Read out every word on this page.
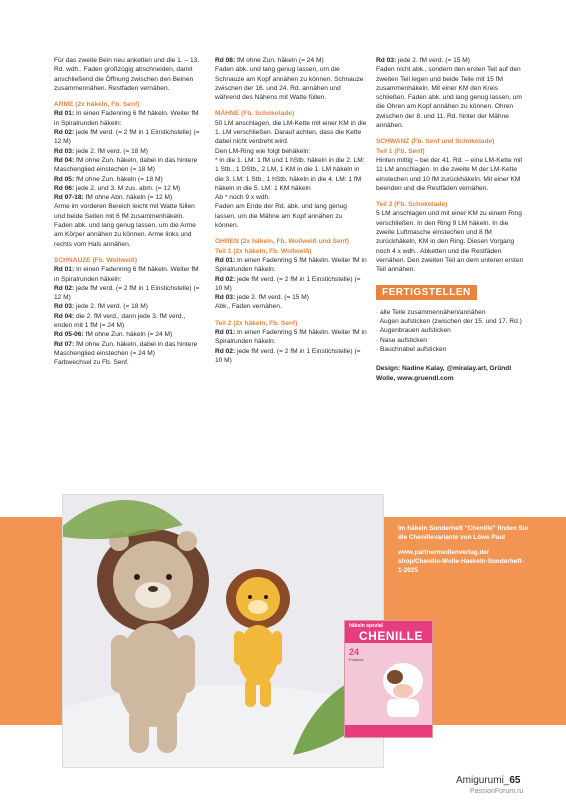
Für das zweite Bein neu anketten und die 1. – 13. Rd. wdh.. Faden großzügig abschneiden, damit anschließend die Öffnung zwischen den Beinen zusammennähen. Restfaden vernähen.

ARME (2x häkeln, Fb. Senf)

Rd 01: In einen Fadenring 6 fM häkeln. Weiter fM in Spiralrunden häkeln:

Rd 02: jede fM verd. (= 2 fM in 1 Einstichstelle) (= 12 M)

Rd 03: jede 2. fM verd. (= 18 M)

Rd 04: fM ohne Zun. häkeln, dabei in das hintere Maschenglied einstechen (= 18 M)

Rd 05: fM ohne Zun. häkeln (= 18 M)

Rd 06: jede 2. und 3. M zus. abm. (= 12 M)

Rd 07-18: fM ohne Abn. häkeln (= 12 M)

Arme im vorderen Bereich leicht mit Watte füllen und beide Seiten mit 6 fM zusammenhäkeln. Faden abk. und lang genug lassen, um die Arme am Körper annähen zu können. Arme links und rechts vom Hals annähen.

SCHNAUZE (Fb. Wollweiß)

Rd 01: In einen Fadenring 6 fM häkeln. Weiter fM in Spiralrunden häkeln:

Rd 02: jede fM verd. (= 2 fM in 1 Einstichstelle) (= 12 M)

Rd 03: jede 2. fM verd. (= 18 M)

Rd 04: die 2. fM verd., dann jede 3. fM verd., enden mit 1 fM (= 24 M)

Rd 05-06: fM ohne Zun. häkeln (= 24 M)

Rd 07: fM ohne Zun. häkeln, dabei in das hintere Maschenglied einstechen (= 24 M)

Farbwechsel zu Fb. Senf.

Rd 08: fM ohne Zun. häkeln (= 24 M)

Faden abk. und lang genug lassen, um die Schnauze am Kopf annähen zu können. Schnauze zwischen der 16. und 24. Rd. annähen und während des Nähens mit Watte füllen.

MÄHNE (Fb. Schokolade)

50 LM anschlagen, die LM-Kette mit einer KM in die 1. LM verschließen. Darauf achten, dass die Kette dabei nicht verdreht wird.

Den LM-Ring wie folgt behäkeln:

* in die 1. LM: 1 fM und 1 hStb. häkeln in die 2. LM: 1 Stb., 1 DStb., 2 LM, 1 KM in die 1. LM häkeln in die 3. LM: 1 Stb., 1 hStb. häkeln in die 4. LM: 1 fM häkeln in die 5. LM: 1 KM häkeln

Ab * noch 9 x wdh.

Faden am Ende der Rd. abk. und lang genug lassen, um die Mähne am Kopf annähen zu können.

OHREN (2x häkeln, Fb. Wollweiß und Senf)

Teil 1 (2x häkeln, Fb. Wollweiß)

Rd 01: In einen Fadenring 5 fM häkeln. Weiter fM in Spiralrunden häkeln:

Rd 02: jede fM verd. (= 2 fM in 1 Einstichstelle) (= 10 M)

Rd 03: jede 2. fM verd. (= 15 M)

Abk., Faden vernähen.

Teil 2 (2x häkeln, Fb. Senf)

Rd 01: In einen Fadenring 5 fM häkeln. Weiter fM in Spiralrunden häkeln:

Rd 02: jede fM verd. (= 2 fM in 1 Einstichstelle) (= 10 M)

Rd 03: jede 2. fM verd. (= 15 M)

Faden nicht abk., sondern den ersten Teil auf den zweiten Teil legen und beide Teile mit 15 fM zusammenhäkeln. Mit einer KM den Kreis schließen. Faden abk. und lang genug lassen, um die Ohren am Kopf annähen zu können. Ohren zwischen der 8. und 11. Rd. hinter der Mähne annähen.

SCHWANZ (Fb. Senf und Schokolade)

Teil 1 (Fb. Senf)

Hinten mittig – bei der 41. Rd. – eine LM-Kette mit 11 LM anschlagen. In die zweite M der LM-Kette einstechen und 10 fM zurückhäkeln. Mit einer KM beenden und die Restfäden vernähen.

Teil 2 (Fb. Schokolade)

5 LM anschlagen und mit einer KM zu einem Ring verschließen. In den Ring 9 LM häkeln. In die zweite Luftmasche einstechen und 8 fM zurückhäkeln, KM in den Ring. Diesen Vorgang noch 4 x wdh.. Abketten und die Restfäden vernähen. Den zweiten Teil an dem unteren ersten Teil annähen.

FERTIGSTELLEN

· alle Teile zusammennähen/annähen

· Augen aufsticken (zwischen der 15. und 17. Rd.)

· Augenbrauen aufsticken

· Nase aufsticken

· Bauchnabel aufsticken

Design: Nadine Kalay, @miralay.art, Gründl Wolle, www.gruendl.com

Im häkeln Sonderheft "Chenille" finden Sie die Chenillevariante von Löwe Paul

www.partnermedienverlag.de/ shop/Chenille-Wolle-Haekeln-Sonderheft-1-2025

häkeln spezial
CHENILLE
24
Projekte
Amigurumi_65
PassionForum.ru
